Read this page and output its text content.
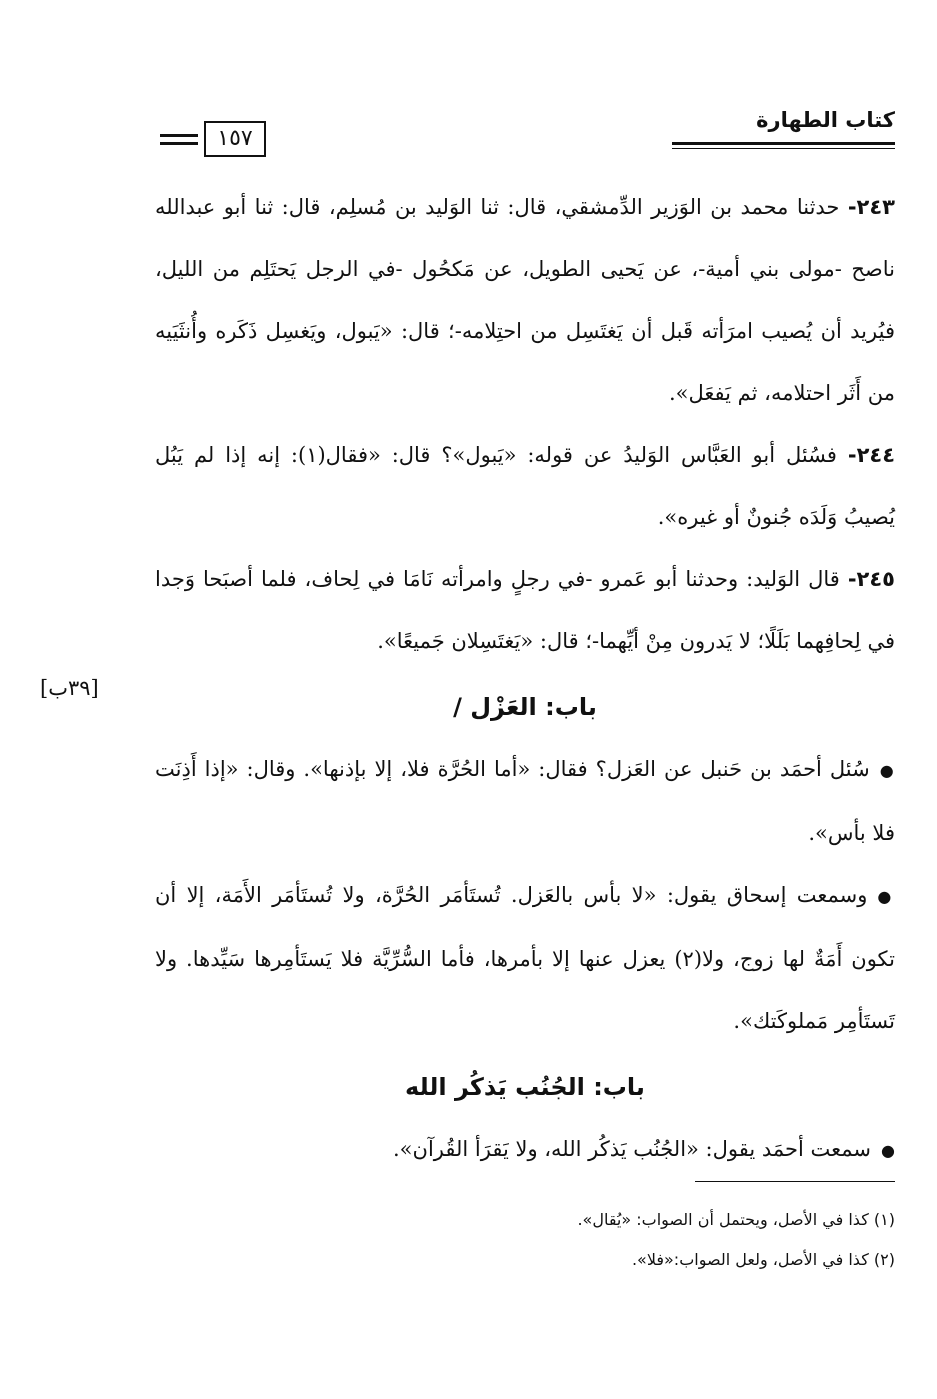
كتاب الطهارة
١٥٧
[٣٩ب]

٢٤٣- حدثنا محمد بن الوَزير الدِّمشقي، قال: ثنا الوَليد بن مُسلِم، قال: ثنا أبو عبدالله ناصح -مولى بني أمية-، عن يَحيى الطويل، عن مَكحُول -في الرجل يَحتَلِم من الليل، فيُريد أن يُصيب امرَأته قَبل أن يَغتَسِل من احتِلامه-؛ قال: «يَبول، ويَغسِل ذَكَره وأُنثَيَيه من أَثَر احتلامه، ثم يَفعَل».

٢٤٤- فسُئل أبو العَبَّاس الوَليدُ عن قوله: «يَبول»؟ قال: «فقال(١): إنه إذا لم يَبُل يُصيبُ وَلَدَه جُنونٌ أو غيره».

٢٤٥- قال الوَليد: وحدثنا أبو عَمرو -في رجلٍ وامرأته نَامَا في لِحاف، فلما أصبَحا وَجدا في لِحافِهما بَلَلًا؛ لا يَدرون مِنْ أيِّهما-؛ قال: «يَغتَسِلان جَميعًا».

باب: العَزْل /

●سُئل أحمَد بن حَنبل عن العَزل؟ فقال: «أما الحُرَّة فلا، إلا بإذنها». وقال: «إذا أَذِنَت فلا بأس».

●وسمعت إسحاق يقول: «لا بأس بالعَزل. تُستَأمَر الحُرَّة، ولا تُستَأمَر الأَمَة، إلا أن تكون أَمَةٌ لها زوج، ولا(٢) يعزل عنها إلا بأمرها، فأما السُّرِّيَّة فلا يَستَأمِرها سَيِّدها. ولا تَستَأمِر مَملوكَتك».

باب: الجُنُب يَذكُر الله

●سمعت أحمَد يقول: «الجُنُب يَذكُر الله، ولا يَقرَأ القُرآن».

(١) كذا في الأصل، ويحتمل أن الصواب: «يُقال».

(٢) كذا في الأصل، ولعل الصواب:«فلا».
